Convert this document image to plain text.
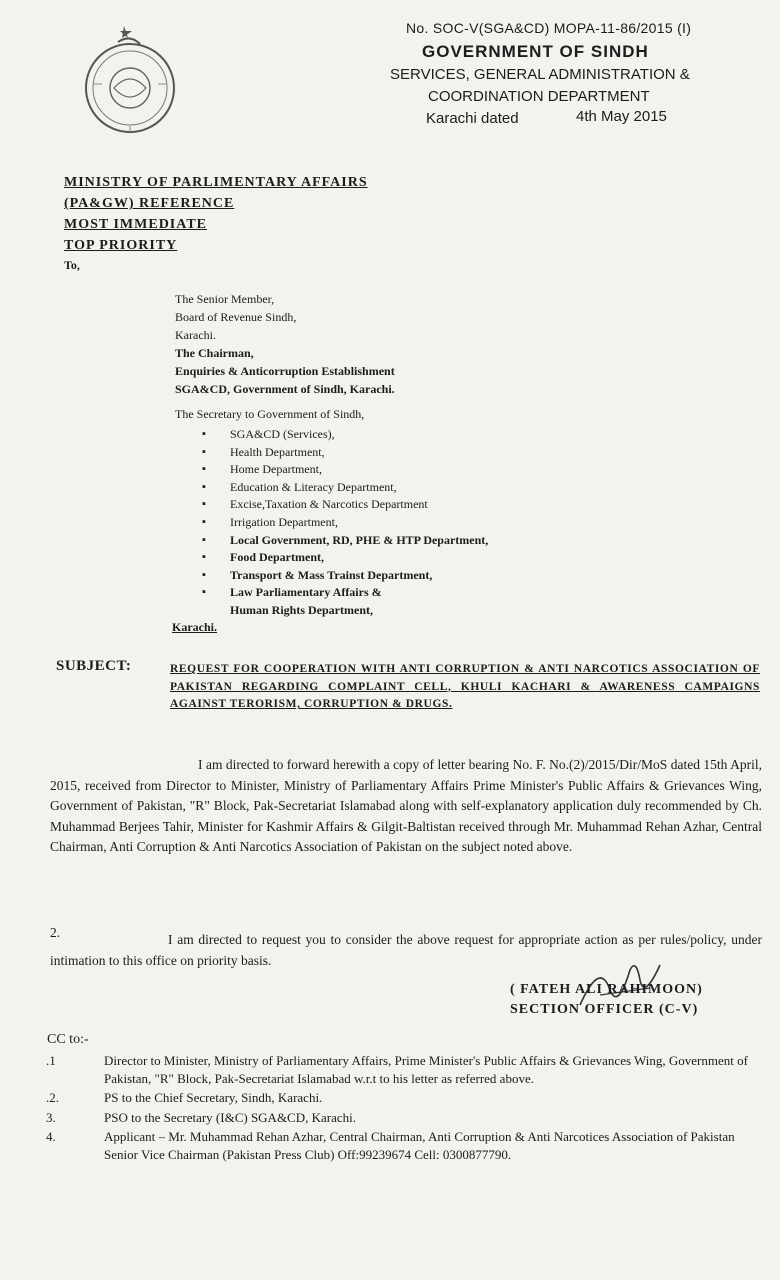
No. SOC-V(SGA&CD) MOPA-11-86/2015 (I)
GOVERNMENT OF SINDH
SERVICES, GENERAL ADMINISTRATION &
COORDINATION DEPARTMENT
Karachi dated	4th May 2015
MINISTRY OF PARLIMENTARY AFFAIRS
(PA&GW) REFERENCE
MOST IMMEDIATE
TOP PRIORITY
To,
The Senior Member,
Board of Revenue Sindh,
Karachi.
The Chairman,
Enquiries & Anticorruption Establishment
SGA&CD, Government of Sindh, Karachi.
The Secretary to Government of Sindh,
▪ SGA&CD (Services),
▪ Health Department,
▪ Home Department,
▪ Education & Literacy Department,
▪ Excise,Taxation & Narcotics Department
▪ Irrigation Department,
▪ Local Government, RD, PHE & HTP Department,
▪ Food Department,
▪ Transport & Mass Trainst Department,
▪ Law Parliamentary Affairs &
Human Rights Department,
Karachi.
SUBJECT:	REQUEST FOR COOPERATION WITH ANTI CORRUPTION & ANTI NARCOTICS ASSOCIATION OF PAKISTAN REGARDING COMPLAINT CELL, KHULI KACHARI & AWARENESS CAMPAIGNS AGAINST TERORISM, CORRUPTION & DRUGS.
I am directed to forward herewith a copy of letter bearing No. F. No.(2)/2015/Dir/MoS dated 15th April, 2015, received from Director to Minister, Ministry of Parliamentary Affairs Prime Minister's Public Affairs & Grievances Wing, Government of Pakistan, "R" Block, Pak-Secretariat Islamabad along with self-explanatory application duly recommended by Ch. Muhammad Berjees Tahir, Minister for Kashmir Affairs & Gilgit-Baltistan received through Mr. Muhammad Rehan Azhar, Central Chairman, Anti Corruption & Anti Narcotics Association of Pakistan on the subject noted above.
2.	I am directed to request you to consider the above request for appropriate action as per rules/policy, under intimation to this office on priority basis.
( FATEH ALI RAHIMOON)
SECTION OFFICER (C-V)
CC to:-
.1	Director to Minister, Ministry of Parliamentary Affairs, Prime Minister's Public Affairs & Grievances Wing, Government of Pakistan, "R" Block, Pak-Secretariat Islamabad w.r.t to his letter as referred above.
.2.	PS to the Chief Secretary, Sindh, Karachi.
3.	PSO to the Secretary (I&C) SGA&CD, Karachi.
4.	Applicant – Mr. Muhammad Rehan Azhar, Central Chairman, Anti Corruption & Anti Narcotices Association of Pakistan Senior Vice Chairman (Pakistan Press Club) Off:99239674 Cell: 0300877790.
